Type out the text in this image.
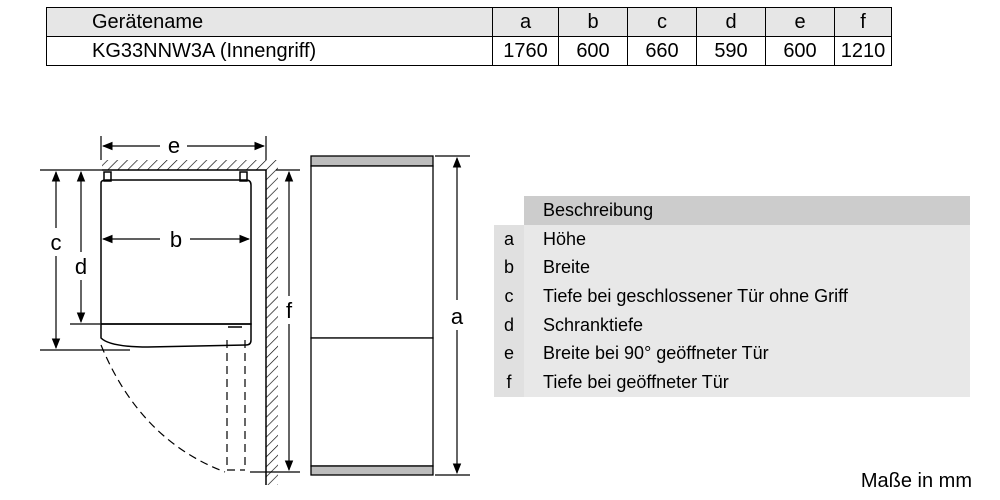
Gerätename	a	b	c	d	e	f
KG33NNW3A (Innengriff)	1760	600	660	590	600	1210
e
b
c
d
f	a
Beschreibung
a	Höhe
b	Breite
c	Tiefe bei geschlossener Tür ohne Griff
d	Schranktiefe
e	Breite bei 90° geöffneter Tür
f	Tiefe bei geöffneter Tür
Maße in mm
